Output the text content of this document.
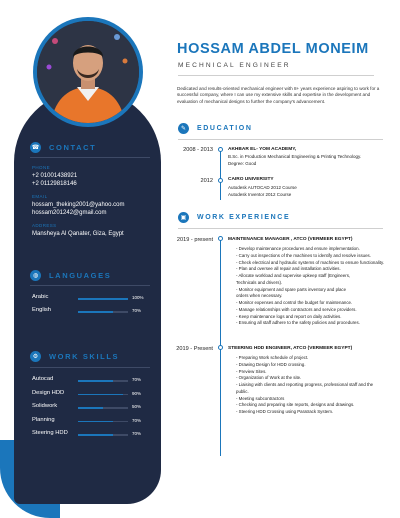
☎ CONTACT
PHONE
+2 01001438921
+2 01129818146
EMAIL
hossam_theking2001@yahoo.com
hossam201242@gmail.com
ADDRESS
Mansheya Al Qanater, Giza, Egypt
◍	LANGUAGES
Arabic	100%
English	70%
⚙	WORK SKILLS
Autocad	70%
Design HDD	90%
Solidwork	50%
Planning	70%
Steering HDD	70%
HOSSAM ABDEL MONEIM
MECHNICAL ENGINEER
Dedicated and results-oriented mechanical engineer with 8+ years experience aspiring to work for a successful company, where I can use my extensive skills and expertise in the development and evaluation of mechanical designs to further the company's advancement.
✎	EDUCATION
2008 - 2013	AKHBAR EL- YOM ACADEMY,
B.Sc. in Production Mechanical Engineering & Printing Technology.
Degree: Good
2012	CAIRO UNIVERSITY
Autodesk AUTOCAD 2012 Course
Autodesk Inventor 2012 Course
▣	WORK EXPERIENCE
2019 - present	MAINTENANCE MANAGER , ATCO (VERMEER EGYPT)
- Develop maintenance procedures and ensure implementation.
- Carry out inspections of the machines to identify and resolve issues.
- Check electrical and hydraulic systems of machines to ensure functionality.
- Plan and oversee all repair and installation activities.
- Allocate workload and supervise upkeep staff (Engineers,
Technicals and drivers).
- Monitor equipment and spare parts inventory and place
orders when necessary.
- Monitor expenses and control the budget for maintenance.
- Manage relationships with contractors and service providers.
- Keep maintenance logs and report on daily activities.
- Ensuring all staff adhere to the safety policies and procedures.
2019 - Present	STEERING HDD ENGINEER, ATCO (VERMEER EGYPT)
- Preparing Work schedule of project.
- Drawing Design for HDD crossing.
- Preview Sites.
- Organization of Work at the site.
- Liaising with clients and reporting progress, professional staff and the
public.
- Meeting subcontractors
- Checking and preparing site reports, designs and drawings.
- Steering HDD Crossing using Paratrack System.
